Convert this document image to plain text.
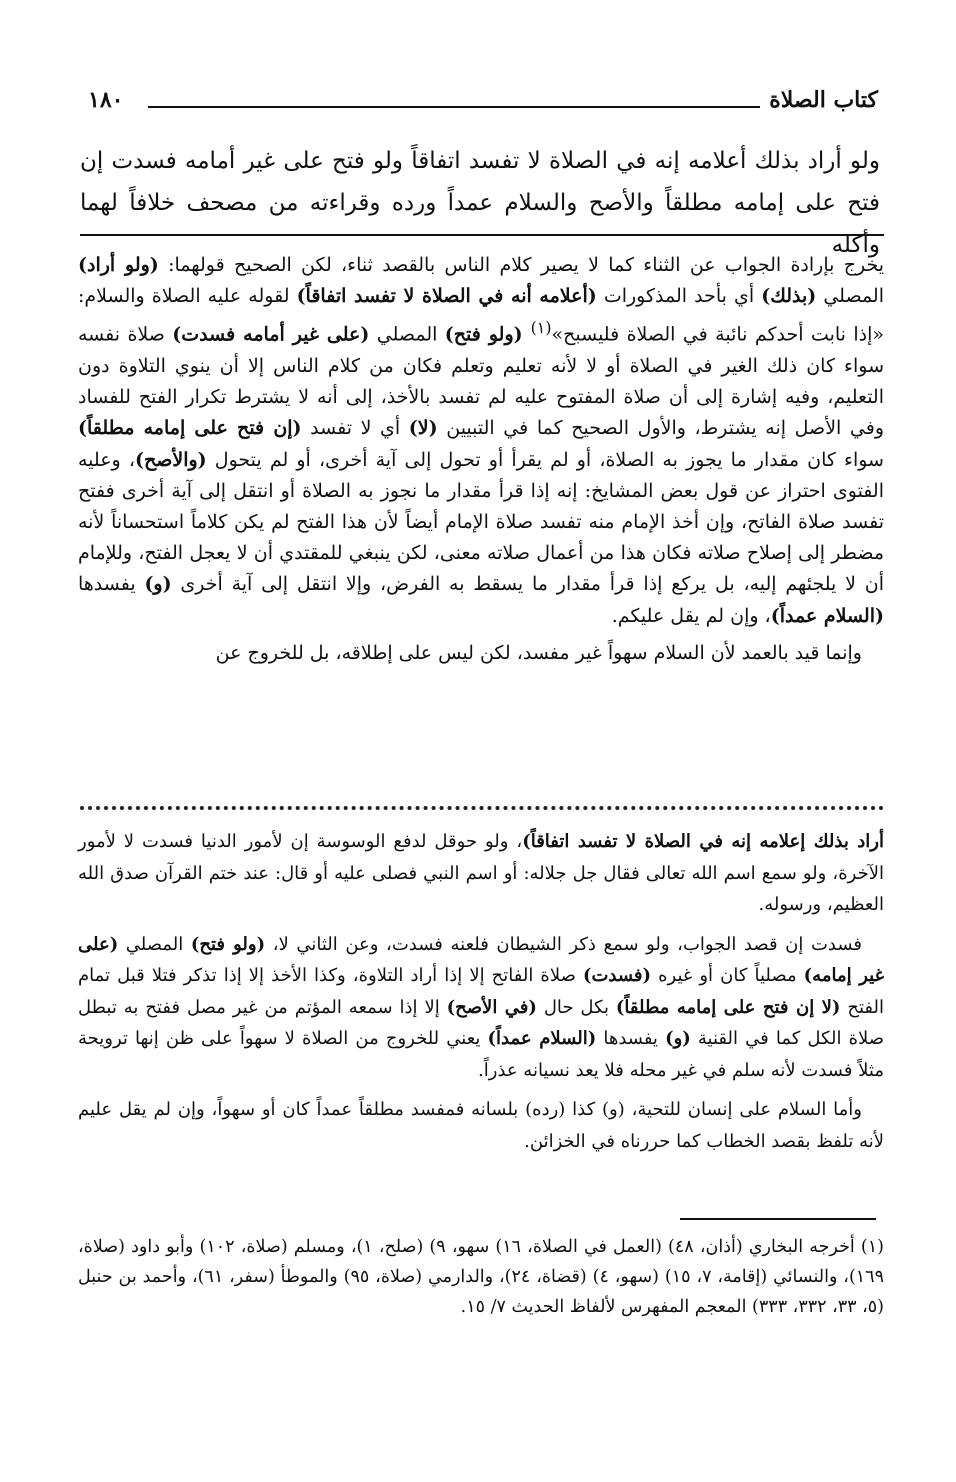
كتاب الصلاة
١٨٠
ولو أراد بذلك أعلامه إنه في الصلاة لا تفسد اتفاقاً ولو فتح على غير أمامه فسدت إن فتح على إمامه مطلقاً والأصح والسلام عمداً ورده وقراءته من مصحف خلافاً لهما وأكله

يخرج بإرادة الجواب عن الثناء كما لا يصير كلام الناس بالقصد ثناء، لكن الصحيح قولهما: (ولو أراد) المصلي (بذلك) أي بأحد المذكورات (أعلامه أنه في الصلاة لا تفسد اتفاقاً) لقوله عليه الصلاة والسلام: «إذا نابت أحدكم نائبة في الصلاة فليسبح»$^{(١)}$ (ولو فتح) المصلي (على غير أمامه فسدت) صلاة نفسه سواء كان ذلك الغير في الصلاة أو لا لأنه تعليم وتعلم فكان من كلام الناس إلا أن ينوي التلاوة دون التعليم، وفيه إشارة إلى أن صلاة المفتوح عليه لم تفسد بالأخذ، إلى أنه لا يشترط تكرار الفتح للفساد وفي الأصل إنه يشترط، والأول الصحيح كما في التبيين (لا) أي لا تفسد (إن فتح على إمامه مطلقاً) سواء كان مقدار ما يجوز به الصلاة، أو لم يقرأ أو تحول إلى آية أخرى، أو لم يتحول (والأصح)، وعليه الفتوى احتراز عن قول بعض المشايخ: إنه إذا قرأ مقدار ما نجوز به الصلاة أو انتقل إلى آية أخرى ففتح تفسد صلاة الفاتح، وإن أخذ الإمام منه تفسد صلاة الإمام أيضاً لأن هذا الفتح لم يكن كلاماً استحساناً لأنه مضطر إلى إصلاح صلاته فكان هذا من أعمال صلاته معنى، لكن ينبغي للمقتدي أن لا يعجل الفتح، وللإمام أن لا يلجئهم إليه، بل يركع إذا قرأ مقدار ما يسقط به الفرض، وإلا انتقل إلى آية أخرى (و) يفسدها (السلام عمداً)، وإن لم يقل عليكم.

وإنما قيد بالعمد لأن السلام سهواً غير مفسد، لكن ليس على إطلاقه، بل للخروج عن

أراد بذلك إعلامه إنه في الصلاة لا تفسد اتفاقاً)، ولو حوقل لدفع الوسوسة إن لأمور الدنيا فسدت لا لأمور الآخرة، ولو سمع اسم الله تعالى فقال جل جلاله: أو اسم النبي فصلى عليه أو قال: عند ختم القرآن صدق الله العظيم، ورسوله.

فسدت إن قصد الجواب، ولو سمع ذكر الشيطان فلعنه فسدت، وعن الثاني لا، (ولو فتح) المصلي (على غير إمامه) مصلياً كان أو غيره (فسدت) صلاة الفاتح إلا إذا أراد التلاوة، وكذا الأخذ إلا إذا تذكر فتلا قبل تمام الفتح (لا إن فتح على إمامه مطلقاً) بكل حال (في الأصح) إلا إذا سمعه المؤتم من غير مصل ففتح به تبطل صلاة الكل كما في القنية (و) يفسدها (السلام عمداً) يعني للخروج من الصلاة لا سهواً على ظن إنها ترويحة مثلاً فسدت لأنه سلم في غير محله فلا يعد نسيانه عذراً.

وأما السلام على إنسان للتحية، (و) كذا (رده) بلسانه فمفسد مطلقاً عمداً كان أو سهواً، وإن لم يقل عليم لأنه تلفظ بقصد الخطاب كما حررناه في الخزائن.

(١) أخرجه البخاري (أذان، ٤٨) (العمل في الصلاة، ١٦) سهو، ٩) (صلح، ١)، ومسلم (صلاة، ١٠٢) وأبو داود (صلاة، ١٦٩)، والنسائي (إقامة، ٧، ١٥) (سهو، ٤) (قضاة، ٢٤)، والدارمي (صلاة، ٩٥) والموطأ (سفر، ٦١)، وأحمد بن حنبل (٥، ٣٣، ٣٣٢، ٣٣٣) المعجم المفهرس لألفاظ الحديث ٧/ ١٥.
